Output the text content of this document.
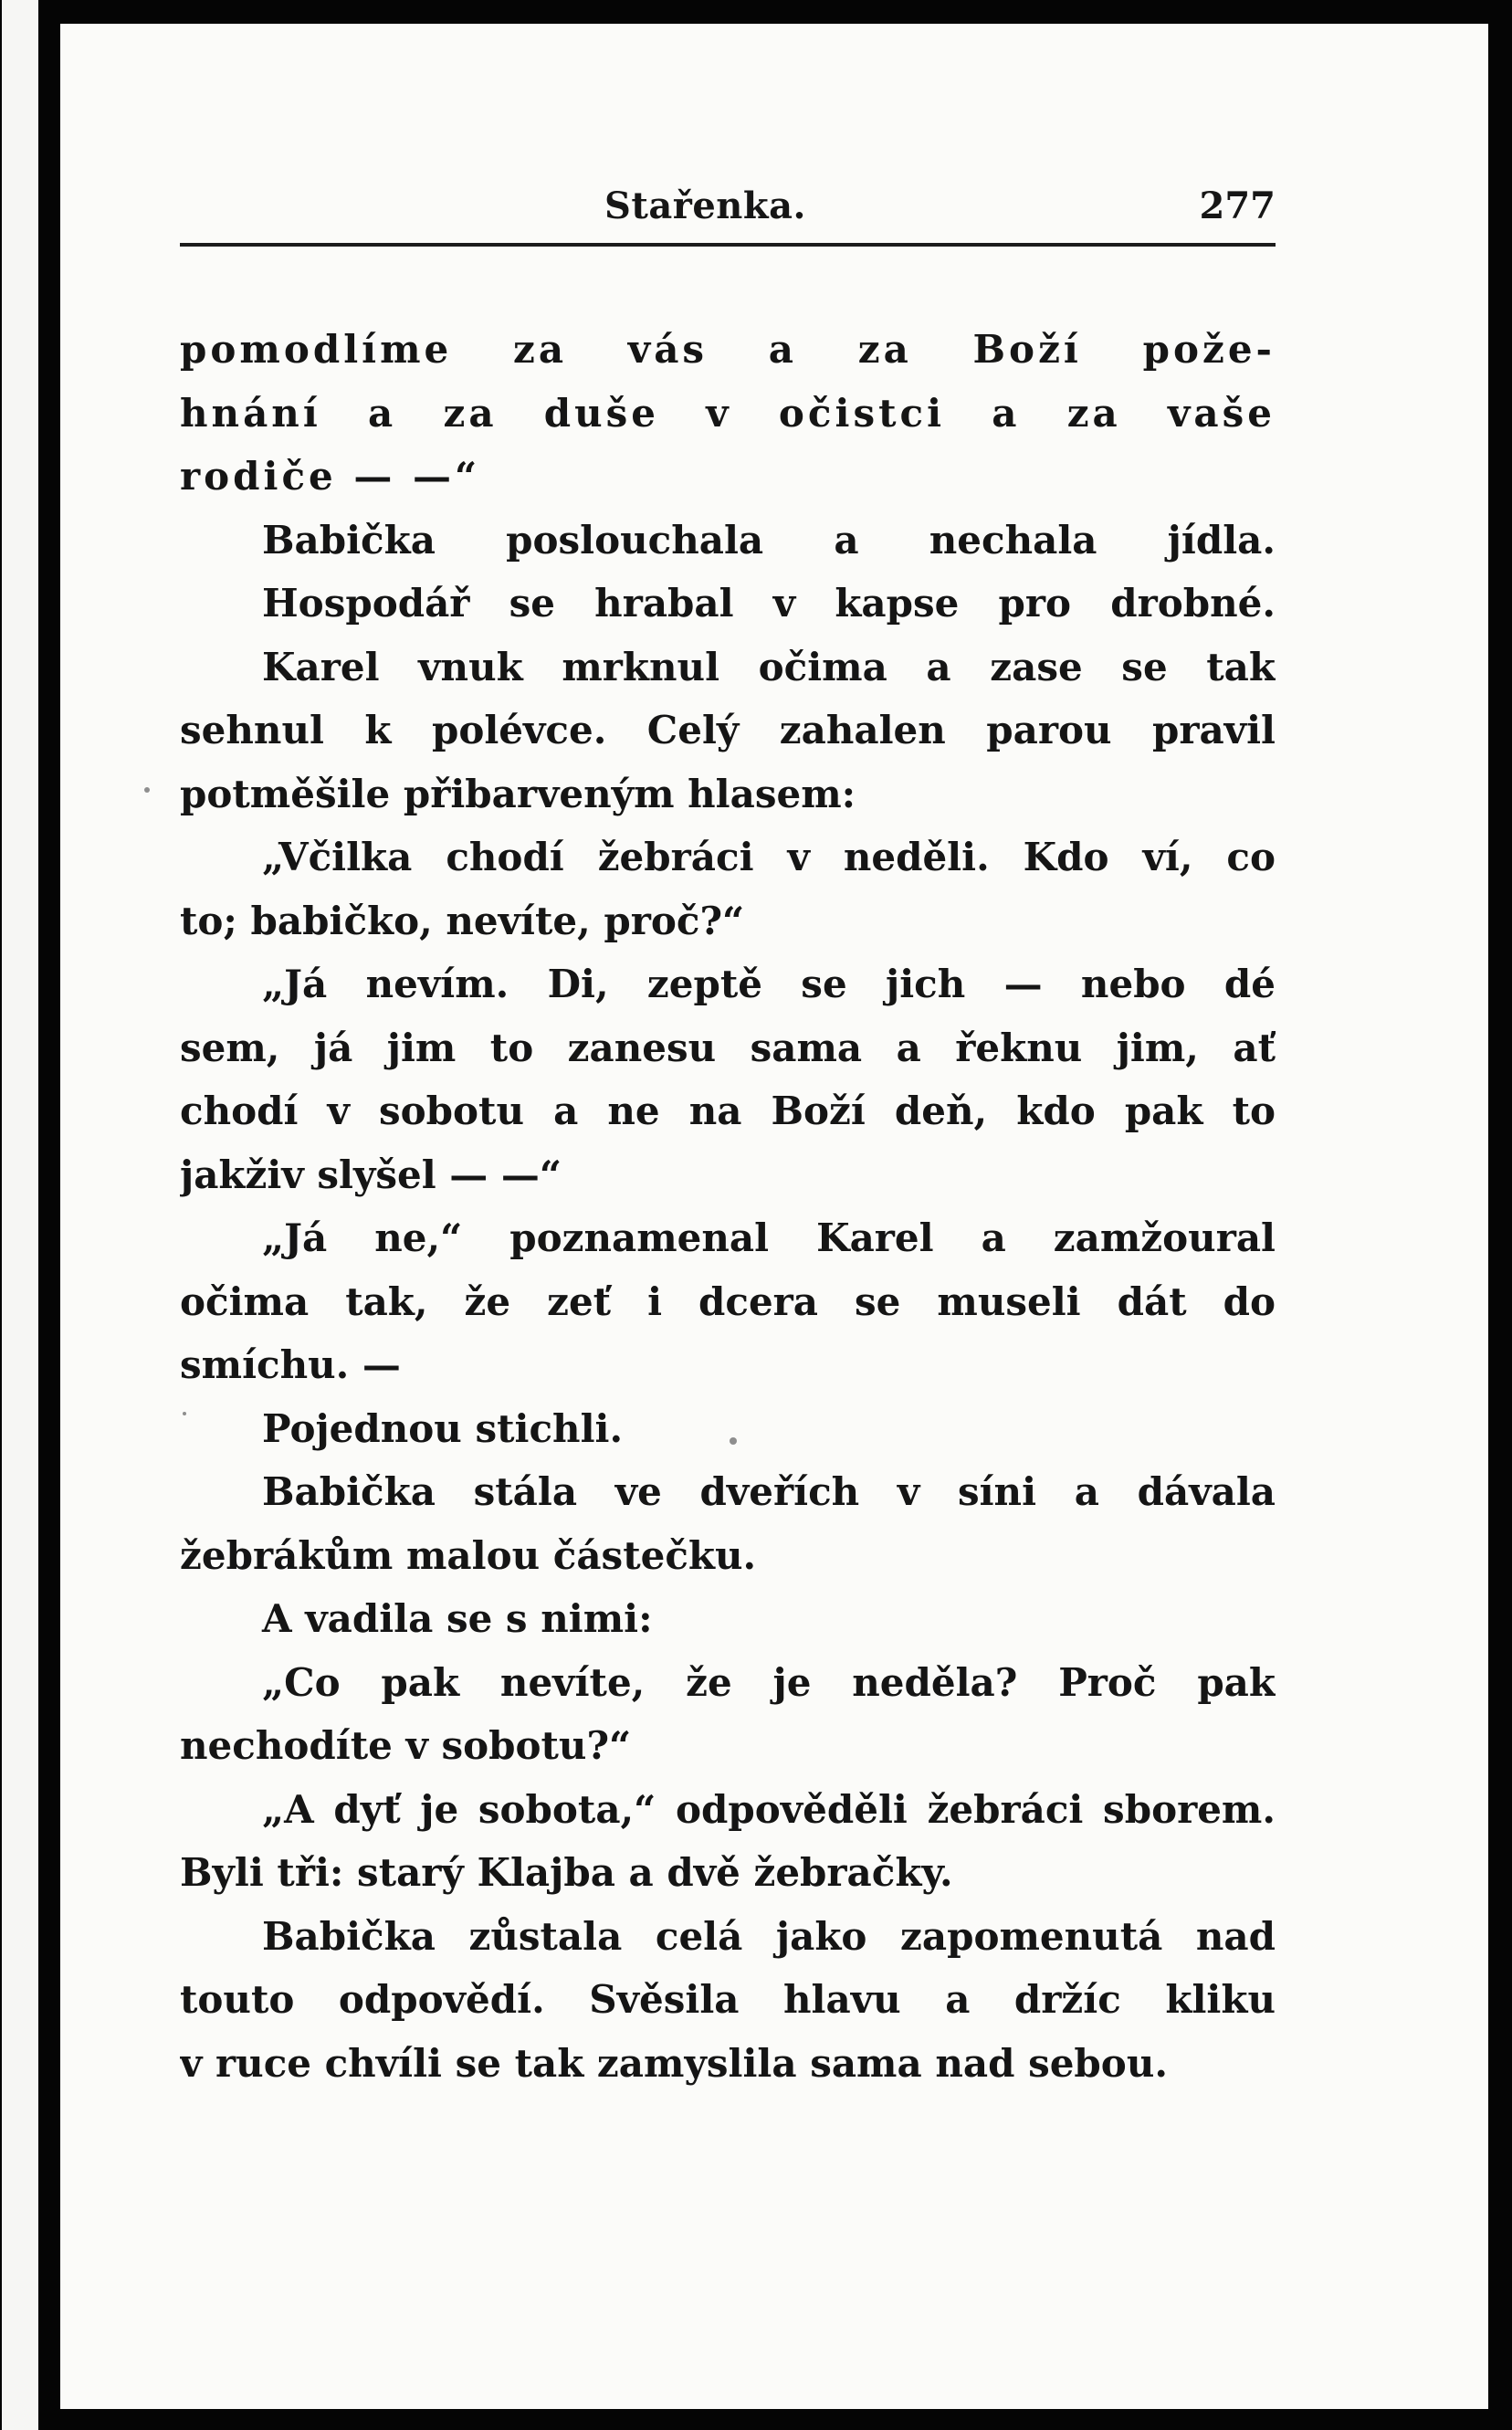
Stařenka.	277
pomodlíme za vás a za Boží pože-
hnání a za duše v očistci a za vaše
rodiče — —“
Babička poslouchala a nechala jídla.
Hospodář se hrabal v kapse pro drobné.
Karel vnuk mrknul očima a zase se tak
sehnul k polévce. Celý zahalen parou pravil
potměšile přibarveným hlasem:
„Včilka chodí žebráci v neděli. Kdo ví, co
to; babičko, nevíte, proč?“
„Já nevím. Di, zeptě se jich — nebo dé
sem, já jim to zanesu sama a řeknu jim, ať
chodí v sobotu a ne na Boží deň, kdo pak to
jakživ slyšel — —“
„Já ne,“ poznamenal Karel a zamžoural
očima tak, že zeť i dcera se museli dát do
smíchu. —
Pojednou stichli.
Babička stála ve dveřích v síni a dávala
žebrákům malou částečku.
A vadila se s nimi:
„Co pak nevíte, že je neděla? Proč pak
nechodíte v sobotu?“
„A dyť je sobota,“ odpověděli žebráci sborem.
Byli tři: starý Klajba a dvě žebračky.
Babička zůstala celá jako zapomenutá nad
touto odpovědí. Svěsila hlavu a držíc kliku
v ruce chvíli se tak zamyslila sama nad sebou.
